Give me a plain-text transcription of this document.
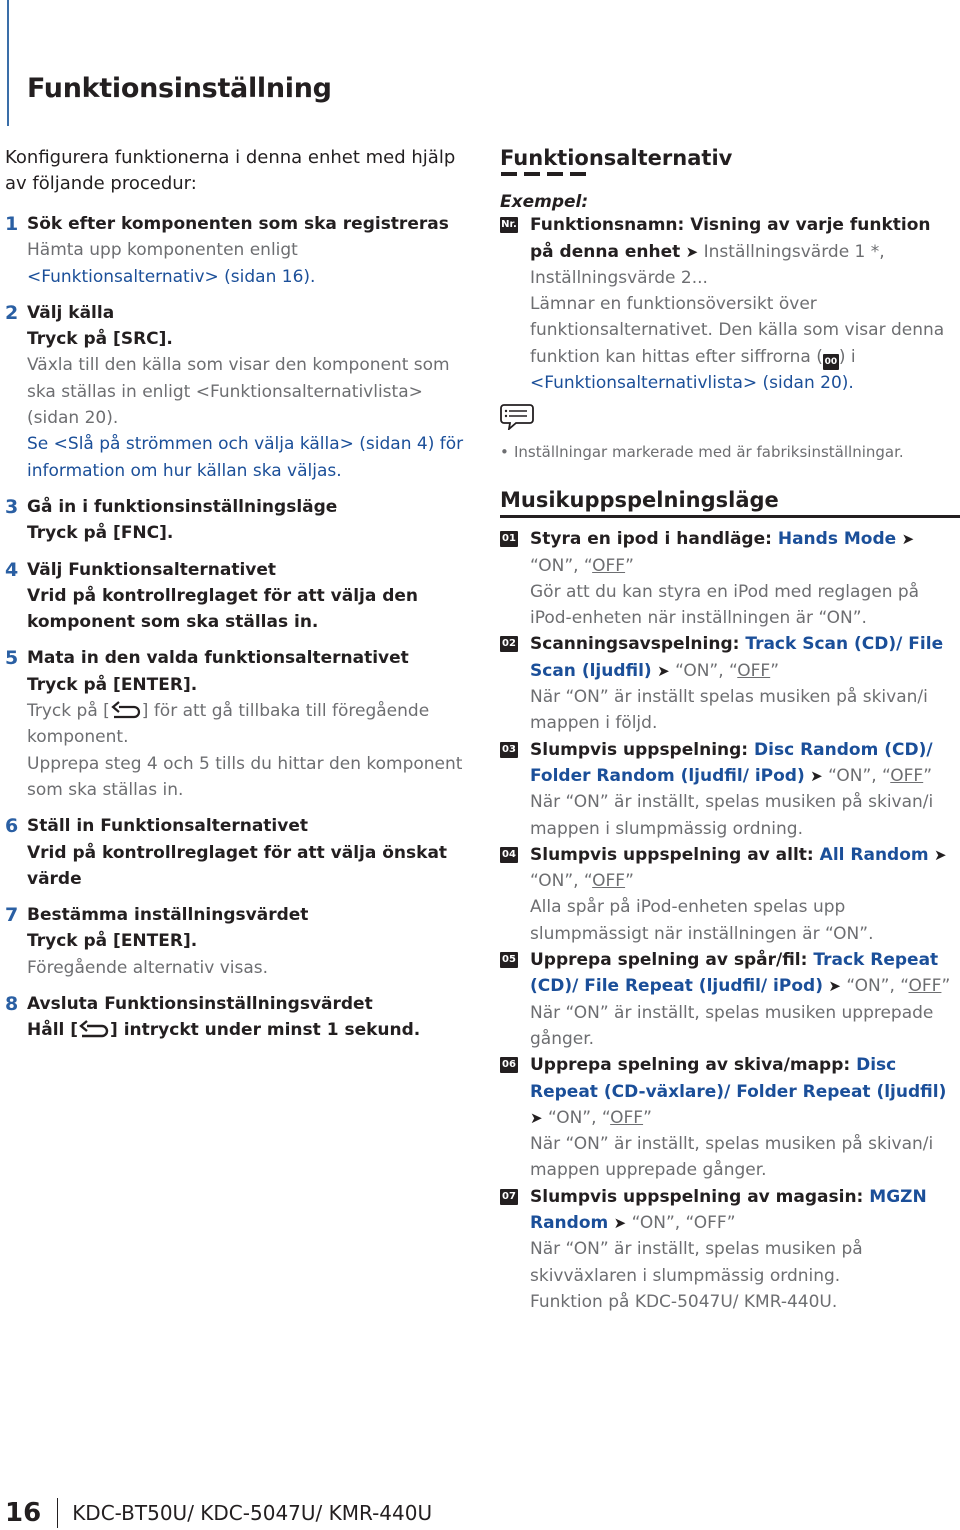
Funktionsinställning

Konfigurera funktionerna i denna enhet med hjälp av följande procedur:

1 Sök efter komponenten som ska registreras

Hämta upp komponenten enligt

<Funktionsalternativ> (sidan 16).

2 Välj källa

Tryck på [SRC].

Växla till den källa som visar den komponent som ska ställas in enligt <Funktionsalternativlista> (sidan 20).

Se <Slå på strömmen och välja källa> (sidan 4) för information om hur källan ska väljas.

3 Gå in i funktionsinställningsläge

Tryck på [FNC].

4 Välj Funktionsalternativet

Vrid på kontrollreglaget för att välja den komponent som ska ställas in.

5 Mata in den valda funktionsalternativet

Tryck på [ENTER].

Tryck på [ ] för att gå tillbaka till föregående komponent.

Upprepa steg 4 och 5 tills du hittar den komponent som ska ställas in.

6 Ställ in Funktionsalternativet

Vrid på kontrollreglaget för att välja önskat värde

7 Bestämma inställningsvärdet

Tryck på [ENTER].

Föregående alternativ visas.

8 Avsluta Funktionsinställningsvärdet

Håll [ ] intryckt under minst 1 sekund.

Funktionsalternativ

Exempel:

Nr. Funktionsnamn: Visning av varje funktion på denna enhet ➤ Inställningsvärde 1 *, Inställningsvärde 2...

Lämnar en funktionsöversikt över funktionsalternativet. Den källa som visar denna funktion kan hittas efter siffrorna ( 00 ) i

<Funktionsalternativlista> (sidan 20).

• Inställningar markerade med är fabriksinställningar.

Musikuppspelningsläge

01 Styra en ipod i handläge: Hands Mode ➤ “ON”, “OFF”

Gör att du kan styra en iPod med reglagen på iPod-enheten när inställningen är “ON”.

02 Scanningsavspelning: Track Scan (CD)/ File Scan (ljudfil) ➤ “ON”, “OFF”

När “ON” är inställt spelas musiken på skivan/i mappen i följd.

03 Slumpvis uppspelning: Disc Random (CD)/ Folder Random (ljudfil/ iPod) ➤ “ON”, “OFF”

När “ON” är inställt, spelas musiken på skivan/i mappen i slumpmässig ordning.

04 Slumpvis uppspelning av allt: All Random ➤ “ON”, “OFF”

Alla spår på iPod-enheten spelas upp slumpmässigt när inställningen är “ON”.

05 Upprepa spelning av spår/fil: Track Repeat (CD)/ File Repeat (ljudfil/ iPod) ➤ “ON”, “OFF”

När “ON” är inställt, spelas musiken upprepade gånger.

06 Upprepa spelning av skiva/mapp: Disc Repeat (CD-växlare)/ Folder Repeat (ljudfil) ➤ “ON”, “OFF”

När “ON” är inställt, spelas musiken på skivan/i mappen upprepade gånger.

07 Slumpvis uppspelning av magasin: MGZN Random ➤ “ON”, “OFF”

När “ON” är inställt, spelas musiken på skivväxlaren i slumpmässig ordning.

Funktion på KDC-5047U/ KMR-440U.

16 KDC-BT50U/ KDC-5047U/ KMR-440U
